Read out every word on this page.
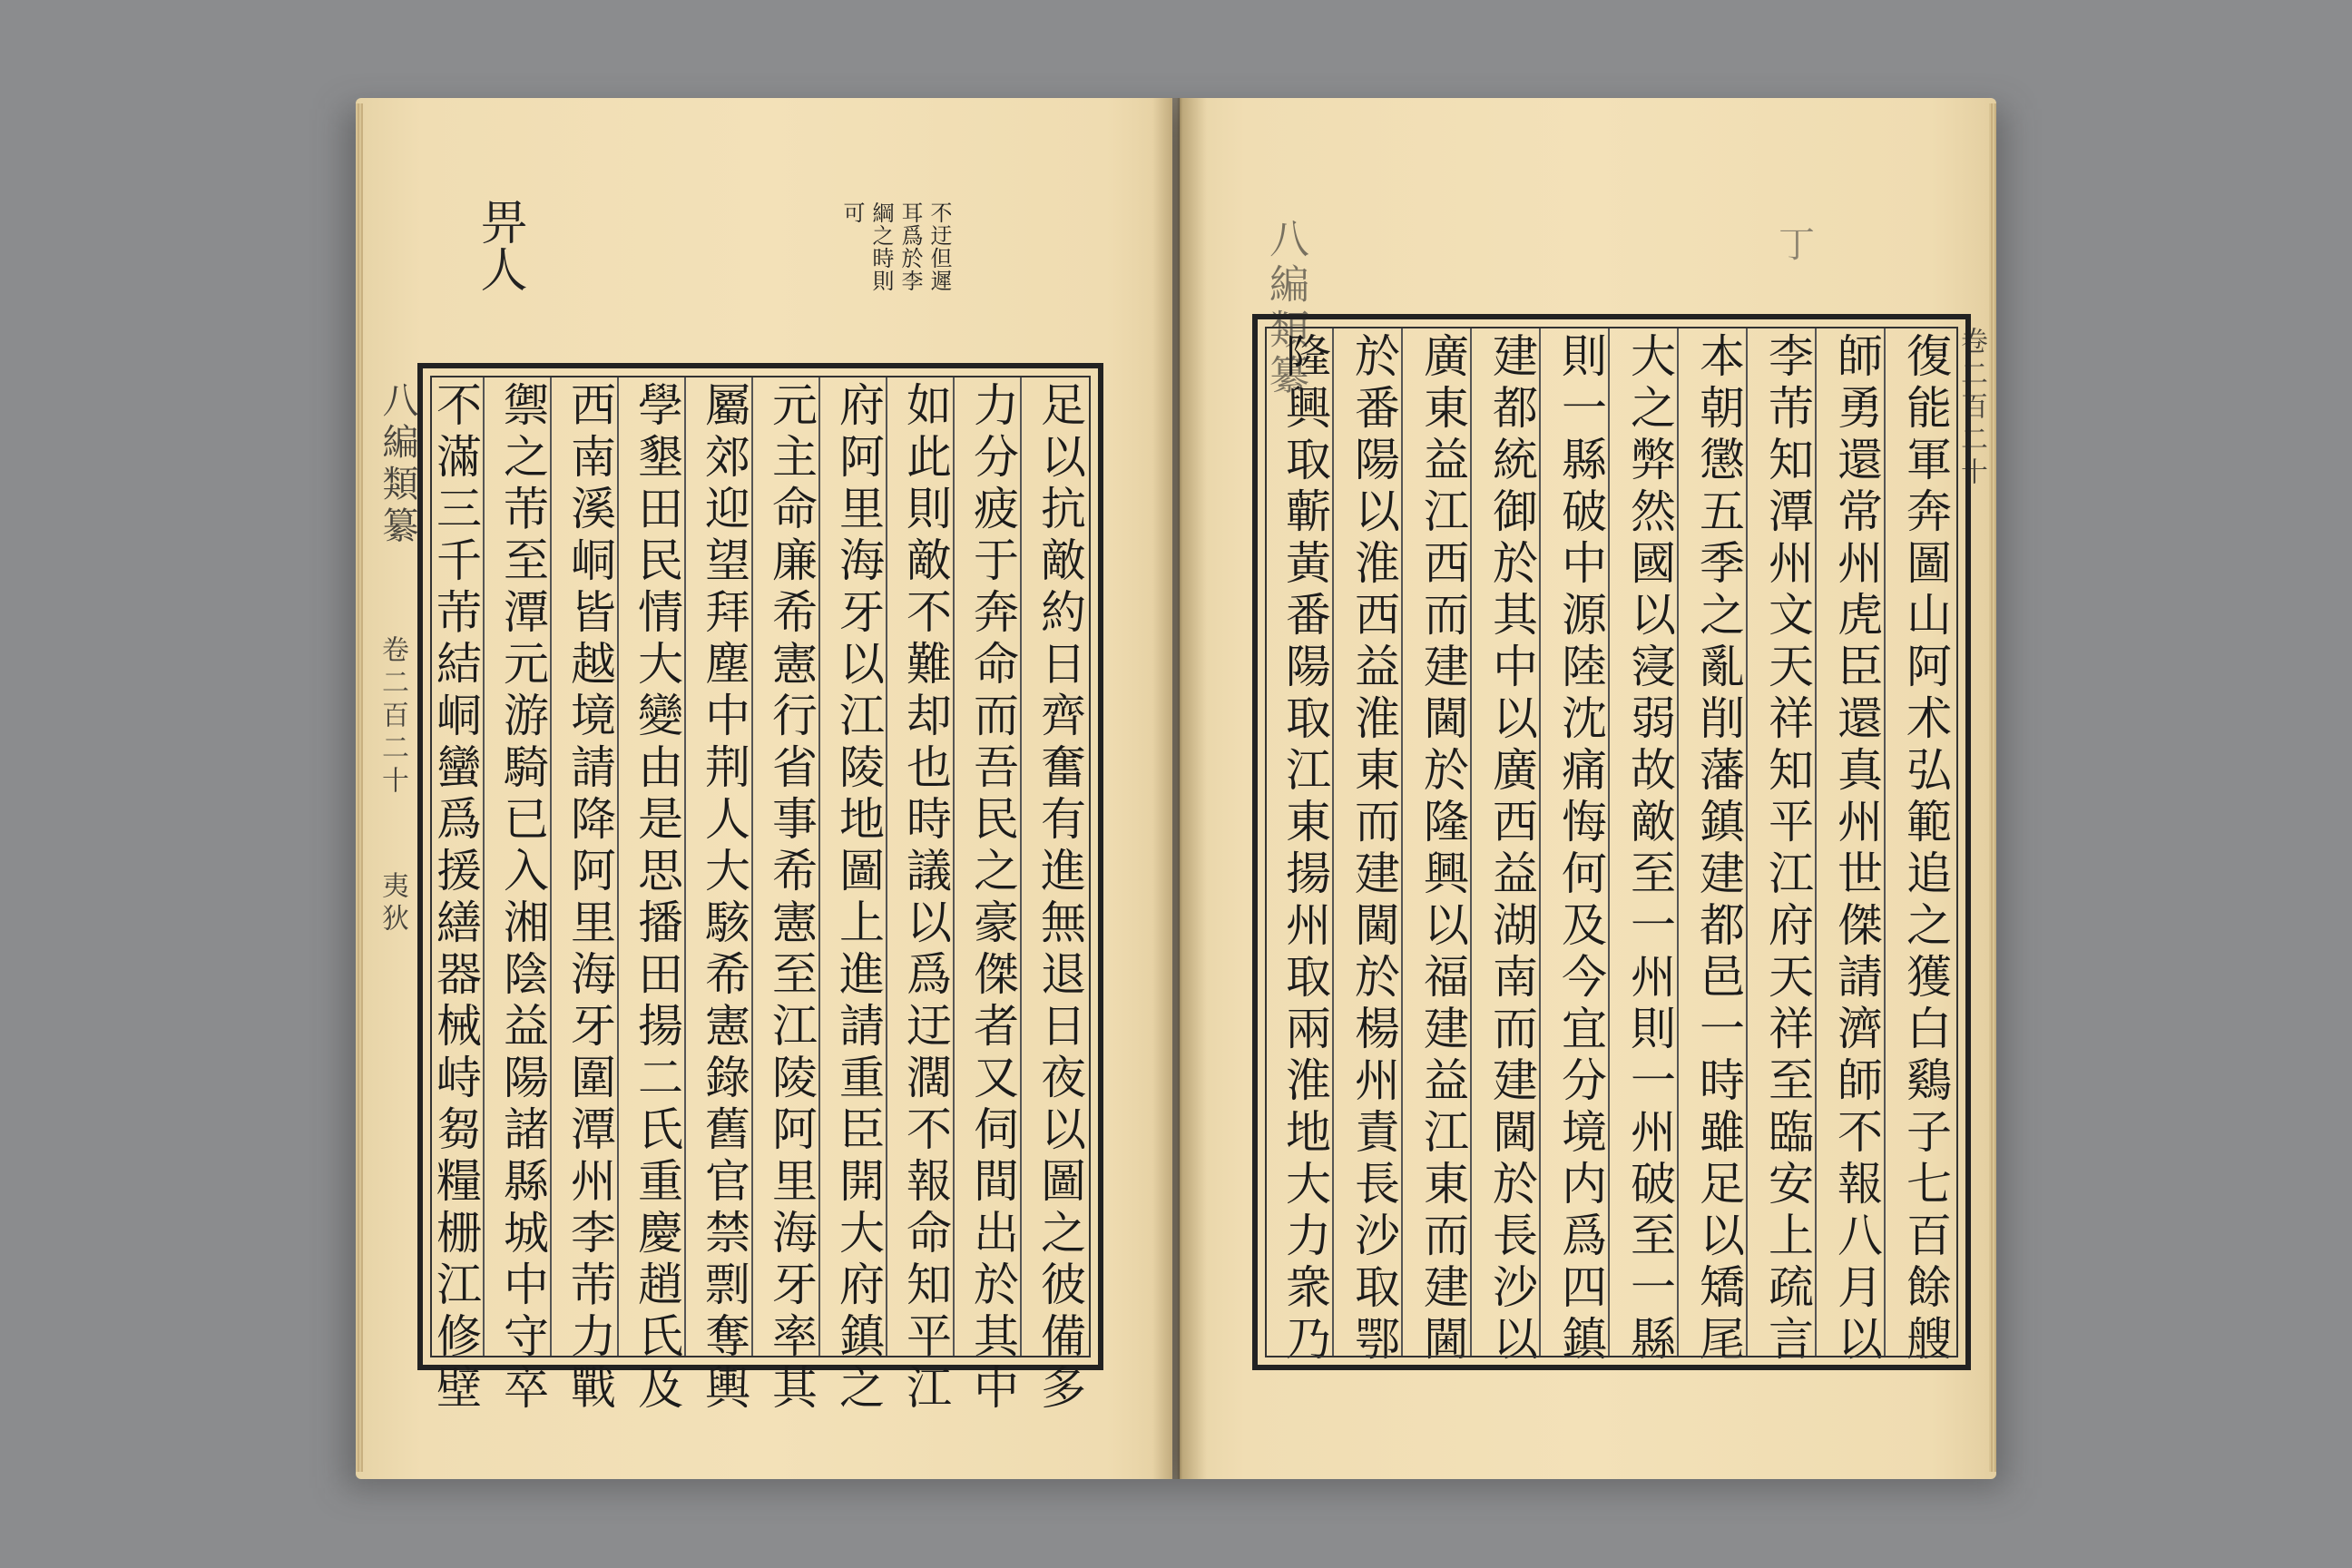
畀人	不迂但遲
耳爲於李
綱之時則
可
八編類纂
卷二百二十
夷狄
八編類纂
卷二百二十
丁
足以抗敵約日齊奮有進無退日夜以圖之彼備多
力分疲于奔命而吾民之豪傑者又伺間出於其中
如此則敵不難却也時議以爲迂濶不報命知平江
府阿里海牙以江陵地圖上進請重臣開大府鎮之
元主命廉希憲行省事希憲至江陵阿里海牙率其
屬郊迎望拜塵中荆人大駭希憲錄舊官禁剽奪輿
學墾田民情大變由是思播田揚二氏重慶趙氏及
西南溪峒皆越境請降阿里海牙圍潭州李芾力戰
禦之芾至潭元游騎已入湘陰益陽諸縣城中守卒
不滿三千芾結峒蠻爲援繕器械峙芻糧栅江修壁	復能軍奔圖山阿术弘範追之獲白鷄子七百餘艘
師勇還常州虎臣還真州世傑請濟師不報八月以
李芾知潭州文天祥知平江府天祥至臨安上疏言
本朝懲五季之亂削藩鎮建都邑一時雖足以矯尾
大之弊然國以寖弱故敵至一州則一州破至一縣
則一縣破中源陸沈痛悔何及今宜分境内爲四鎮
建都統御於其中以廣西益湖南而建閫於長沙以
廣東益江西而建閫於隆興以福建益江東而建閫
於番陽以淮西益淮東而建閫於楊州責長沙取鄂
隆興取蘄黃番陽取江東揚州取兩淮地大力衆乃
